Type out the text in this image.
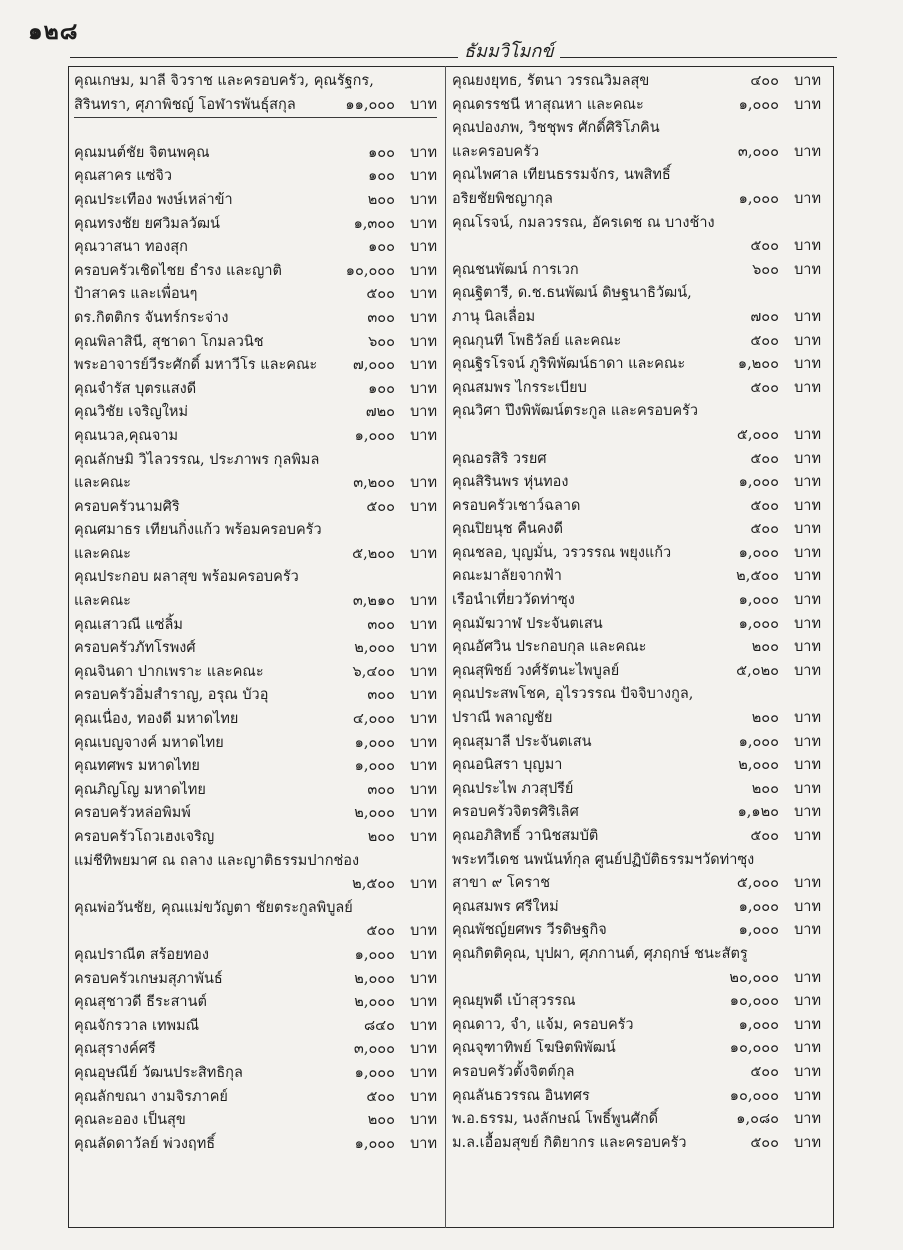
๑๒๘
ธัมมวิโมกข์
คุณเกษม, มาลี จิวราช และครอบครัว, คุณรัฐกร,
สิรินทรา, ศุภาพิชญ์ โอฬารพันธุ์สกุล	๑๑,๐๐๐ บาท
คุณมนต์ชัย จิตนพคุณ	๑๐๐ บาท
คุณสาคร แซ่จิว	๑๐๐ บาท
คุณประเทือง พงษ์เหล่าข้า	๒๐๐ บาท
คุณทรงชัย ยศวิมลวัฒน์	๑,๓๐๐ บาท
คุณวาสนา ทองสุก	๑๐๐ บาท
ครอบครัวเชิดไชย ธำรง และญาติ	๑๐,๐๐๐ บาท
ป้าสาคร และเพื่อนๆ	๕๐๐ บาท
ดร.กิตติกร จันทร์กระจ่าง	๓๐๐ บาท
คุณพิลาสินี, สุชาดา โกมลวนิช	๖๐๐ บาท
พระอาจารย์วีระศักดิ์ มหาวีโร และคณะ ๗,๐๐๐ บาท
คุณจำรัส บุตรแสงดี	๑๐๐ บาท
คุณวิชัย เจริญใหม่	๗๒๐ บาท
คุณนวล,คุณจาม	๑,๐๐๐ บาท
คุณลักษมิ วิไลวรรณ, ประภาพร กุลพิมล
และคณะ	๓,๒๐๐ บาท
ครอบครัวนามศิริ	๕๐๐ บาท
คุณศมาธร เทียนกิ่งแก้ว พร้อมครอบครัว
และคณะ	๕,๒๐๐ บาท
คุณประกอบ ผลาสุข พร้อมครอบครัว
และคณะ	๓,๒๑๐ บาท
คุณเสาวณี แซ่ลิ้ม	๓๐๐ บาท
ครอบครัวภัทโรพงศ์	๒,๐๐๐ บาท
คุณจินดา ปากเพราะ และคณะ	๖,๔๐๐ บาท
ครอบครัวอิ่มสำราญ, อรุณ บัวอุ	๓๐๐ บาท
คุณเนื่อง, ทองดี มหาดไทย	๔,๐๐๐ บาท
คุณเบญจางค์ มหาดไทย	๑,๐๐๐ บาท
คุณทศพร มหาดไทย	๑,๐๐๐ บาท
คุณภิญโญ มหาดไทย	๓๐๐ บาท
ครอบครัวหล่อพิมพ์	๒,๐๐๐ บาท
ครอบครัวโถวเฮงเจริญ	๒๐๐ บาท
แม่ชีทิพยมาศ ณ ถลาง และญาติธรรมปากช่อง
๒,๕๐๐ บาท
คุณพ่อวันชัย, คุณแม่ขวัญตา ชัยตระกูลพิบูลย์
๕๐๐ บาท
คุณปราณีต สร้อยทอง	๑,๐๐๐ บาท
ครอบครัวเกษมสุภาพันธ์	๒,๐๐๐ บาท
คุณสุชาวดี ธีระสานต์	๒,๐๐๐ บาท
คุณจักรวาล เทพมณี	๘๔๐ บาท
คุณสุรางค์ศรี	๓,๐๐๐ บาท
คุณอุษณีย์ วัฒนประสิทธิกุล	๑,๐๐๐ บาท
คุณลักขณา งามจิรภาคย์	๕๐๐ บาท
คุณละออง เป็นสุข	๒๐๐ บาท
คุณลัดดาวัลย์ พ่วงฤทธิ์	๑,๐๐๐ บาท
คุณยงยุทธ, รัตนา วรรณวิมลสุข	๔๐๐ บาท
คุณดรรชนี หาสุณหา และคณะ	๑,๐๐๐ บาท
คุณปองภพ, วิชชุพร ศักดิ์ศิริโภคิน
และครอบครัว	๓,๐๐๐ บาท
คุณไพศาล เทียนธรรมจักร, นพสิทธิ์
อริยชัยพิชญากุล	๑,๐๐๐ บาท
คุณโรจน์, กมลวรรณ, อัครเดช ณ บางช้าง
๕๐๐ บาท
คุณชนพัฒน์ การเวก	๖๐๐ บาท
คุณฐิตารี, ด.ช.ธนพัฒน์ ดิษฐนาธิวัฒน์,
ภานุ นิลเลื่อม	๗๐๐ บาท
คุณกุนที โพธิวัลย์ และคณะ	๕๐๐ บาท
คุณฐิรโรจน์ ภูริพิพัฒน์ธาดา และคณะ	๑,๒๐๐ บาท
คุณสมพร ไกรระเบียบ	๕๐๐ บาท
คุณวิศา ปึงพิพัฒน์ตระกูล และครอบครัว
๕,๐๐๐ บาท
คุณอรสิริ วรยศ	๕๐๐ บาท
คุณสิรินพร หุ่นทอง	๑,๐๐๐ บาท
ครอบครัวเชาว์ฉลาด	๕๐๐ บาท
คุณปิยนุช คืนคงดี	๕๐๐ บาท
คุณชลอ, บุญมั่น, วรวรรณ พยุงแก้ว	๑,๐๐๐ บาท
คณะมาลัยจากฟ้า	๒,๕๐๐ บาท
เรือนำเที่ยววัดท่าซุง	๑,๐๐๐ บาท
คุณมัฆวาฬ ประจันตเสน	๑,๐๐๐ บาท
คุณอัศวิน ประกอบกุล และคณะ	๒๐๐ บาท
คุณสุพิชย์ วงศ์รัตนะไพบูลย์	๕,๐๒๐ บาท
คุณประสพโชค, อุไรวรรณ ปัจจิบางกูล,
ปราณี พลาญชัย	๒๐๐ บาท
คุณสุมาลี ประจันตเสน	๑,๐๐๐ บาท
คุณอนิสรา บุญมา	๒,๐๐๐ บาท
คุณประไพ ภวสุปรีย์	๒๐๐ บาท
ครอบครัวจิตรศิริเลิศ	๑,๑๒๐ บาท
คุณอภิสิทธิ์ วานิชสมบัติ	๕๐๐ บาท
พระทวีเดช นพนันท์กุล ศูนย์ปฏิบัติธรรมฯวัดท่าซุง
สาขา ๙ โคราช	๕,๐๐๐ บาท
คุณสมพร ศรีใหม่	๑,๐๐๐ บาท
คุณพัชญ์ยศพร วีรดิษฐกิจ	๑,๐๐๐ บาท
คุณกิตติคุณ, บุปผา, ศุภกานต์, ศุภฤกษ์ ชนะสัตรู
๒๐,๐๐๐ บาท
คุณยุพดี เบ้าสุวรรณ	๑๐,๐๐๐ บาท
คุณดาว, จำ, แจ้ม, ครอบครัว	๑,๐๐๐ บาท
คุณจุฑาทิพย์ โฆษิตพิพัฒน์	๑๐,๐๐๐ บาท
ครอบครัวตั้งจิตต์กุล	๕๐๐ บาท
คุณลันธวรรณ อินทศร	๑๐,๐๐๐ บาท
พ.อ.ธรรม, นงลักษณ์ โพธิ์พูนศักดิ์	๑,๐๘๐ บาท
ม.ล.เอื้อมสุขย์ กิติยากร และครอบครัว	๕๐๐ บาท
